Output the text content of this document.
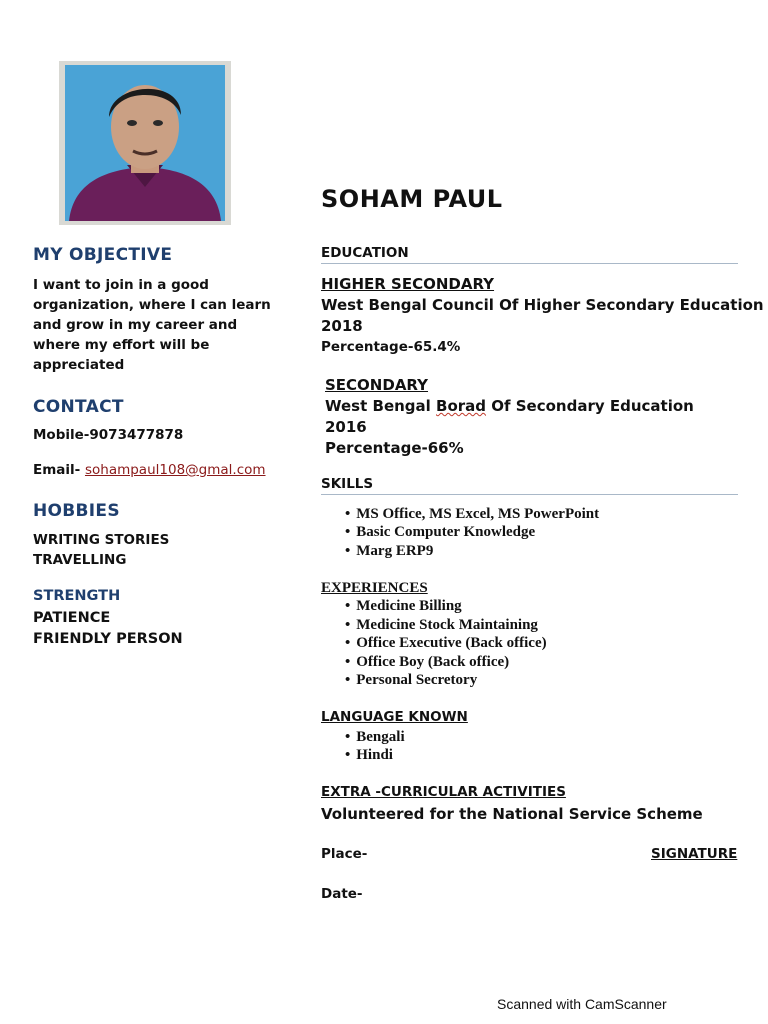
MY OBJECTIVE
I want to join in a good organization, where I can learn and grow in my career and where my effort will be appreciated
CONTACT
Mobile-9073477878
Email- sohampaul108@gmal.com
HOBBIES
WRITING STORIES
TRAVELLING
STRENGTH
PATIENCE
FRIENDLY PERSON
SOHAM PAUL
EDUCATION
HIGHER SECONDARY
West Bengal Council Of Higher Secondary Education
2018
Percentage-65.4%
SECONDARY
West Bengal Borad Of Secondary Education
2016
Percentage-66%
SKILLS
• MS Office, MS Excel, MS PowerPoint
• Basic Computer Knowledge
• Marg ERP9
EXPERIENCES
• Medicine Billing
• Medicine Stock Maintaining
• Office Executive (Back office)
• Office Boy (Back office)
• Personal Secretory
LANGUAGE KNOWN
• Bengali
• Hindi
EXTRA -CURRICULAR ACTIVITIES
Volunteered for the National Service Scheme
Place-	SIGNATURE
Date-
Scanned with CamScanner
